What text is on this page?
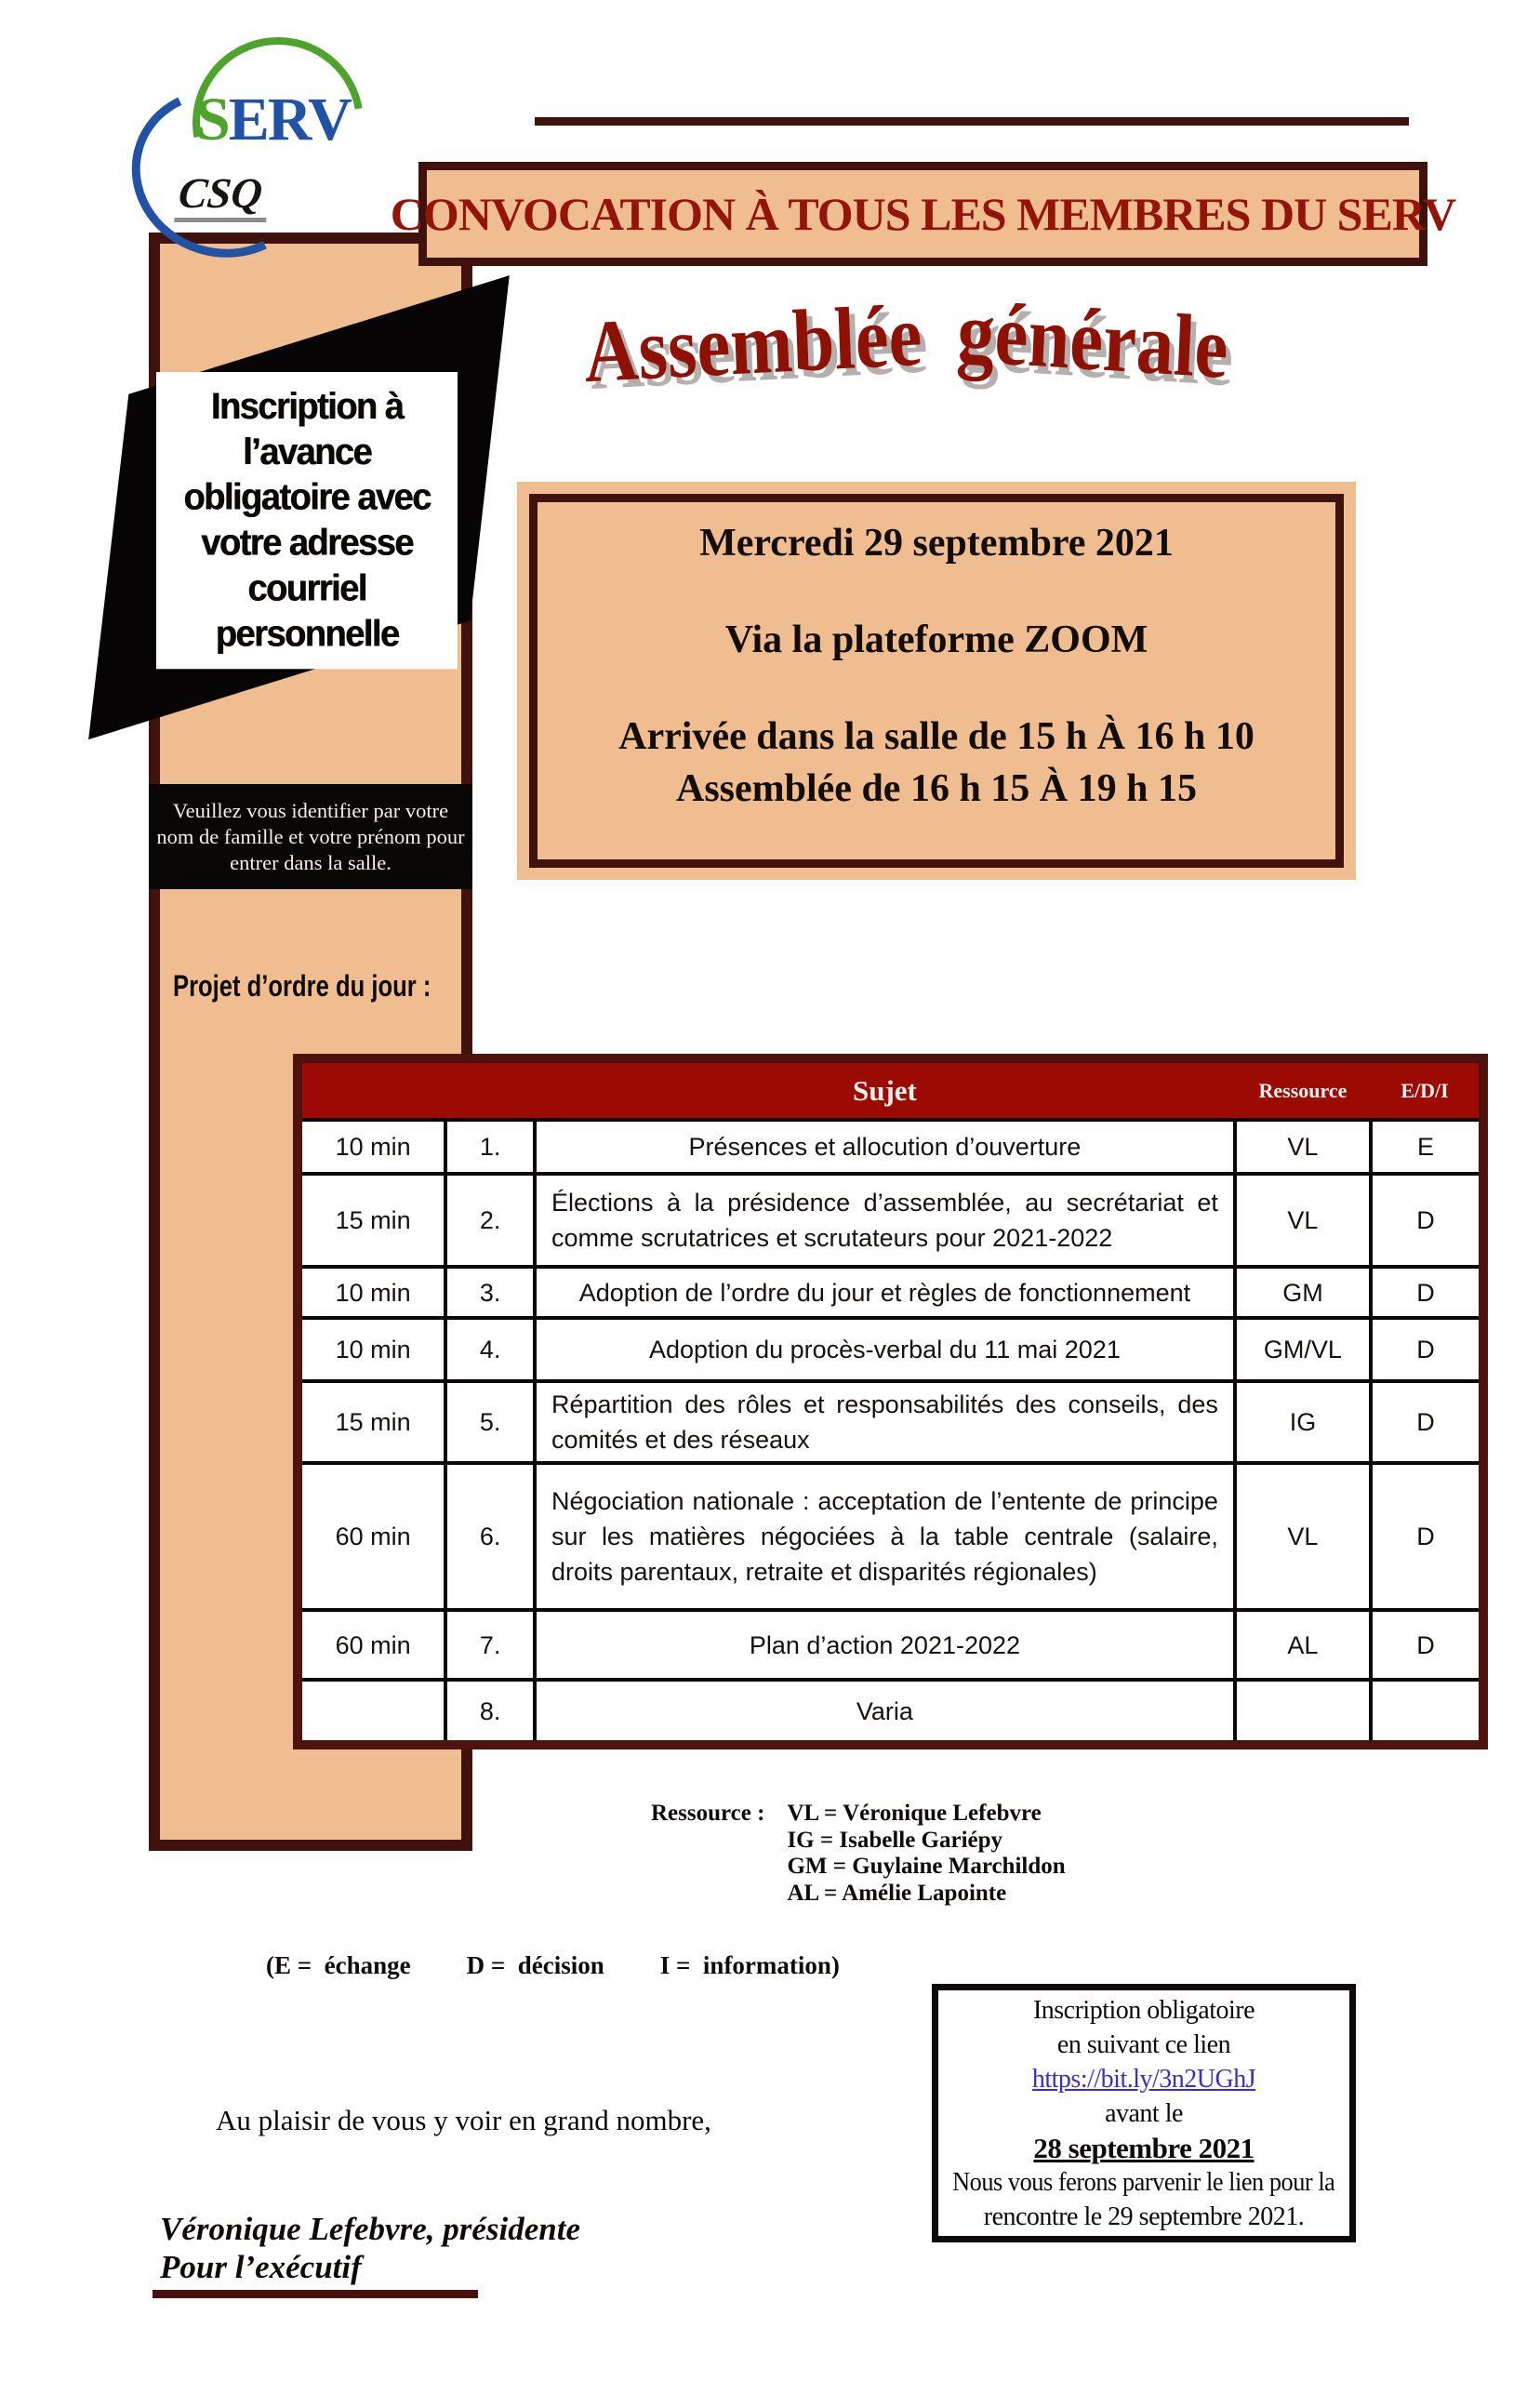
SERV
CSQ	CONVOCATION À TOUS LES MEMBRES DU SERV
Assemblée générale
Inscription à
l’avance
obligatoire avec
votre adresse
courriel
personnelle
Mercredi 29 septembre 2021
Via la plateforme ZOOM
Arrivée dans la salle de 15 h À 16 h 10
Assemblée de 16 h 15 À 19 h 15
Veuillez vous identifier par votre nom de famille et votre prénom pour entrer dans la salle.
Projet d’ordre du jour :
		Sujet	Ressource	E/D/I
10 min	1.	Présences et allocution d’ouverture	VL	E
15 min	2.	Élections à la présidence d’assemblée, au secrétariat et comme scrutatrices et scrutateurs pour 2021-2022	VL	D
10 min	3.	Adoption de l’ordre du jour et règles de fonctionnement	GM	D
10 min	4.	Adoption du procès-verbal du 11 mai 2021	GM/VL	D
15 min	5.	Répartition des rôles et responsabilités des conseils, des comités et des réseaux	IG	D
60 min	6.	Négociation nationale : acceptation de l’entente de principe sur les matières négociées à la table centrale (salaire, droits parentaux, retraite et disparités régionales)	VL	D
60 min	7.	Plan d’action 2021-2022	AL	D
	8.	Varia		
Ressource : VL = Véronique Lefebvre
IG = Isabelle Gariépy
GM = Guylaine Marchildon
AL = Amélie Lapointe
(E =  échange D =  décision I =  information)
Au plaisir de vous y voir en grand nombre,
Inscription obligatoire
en suivant ce lien
https://bit.ly/3n2UGhJ
avant le
28 septembre 2021
Nous vous ferons parvenir le lien pour la
rencontre le 29 septembre 2021.
Véronique Lefebvre, présidente
Pour l’exécutif
